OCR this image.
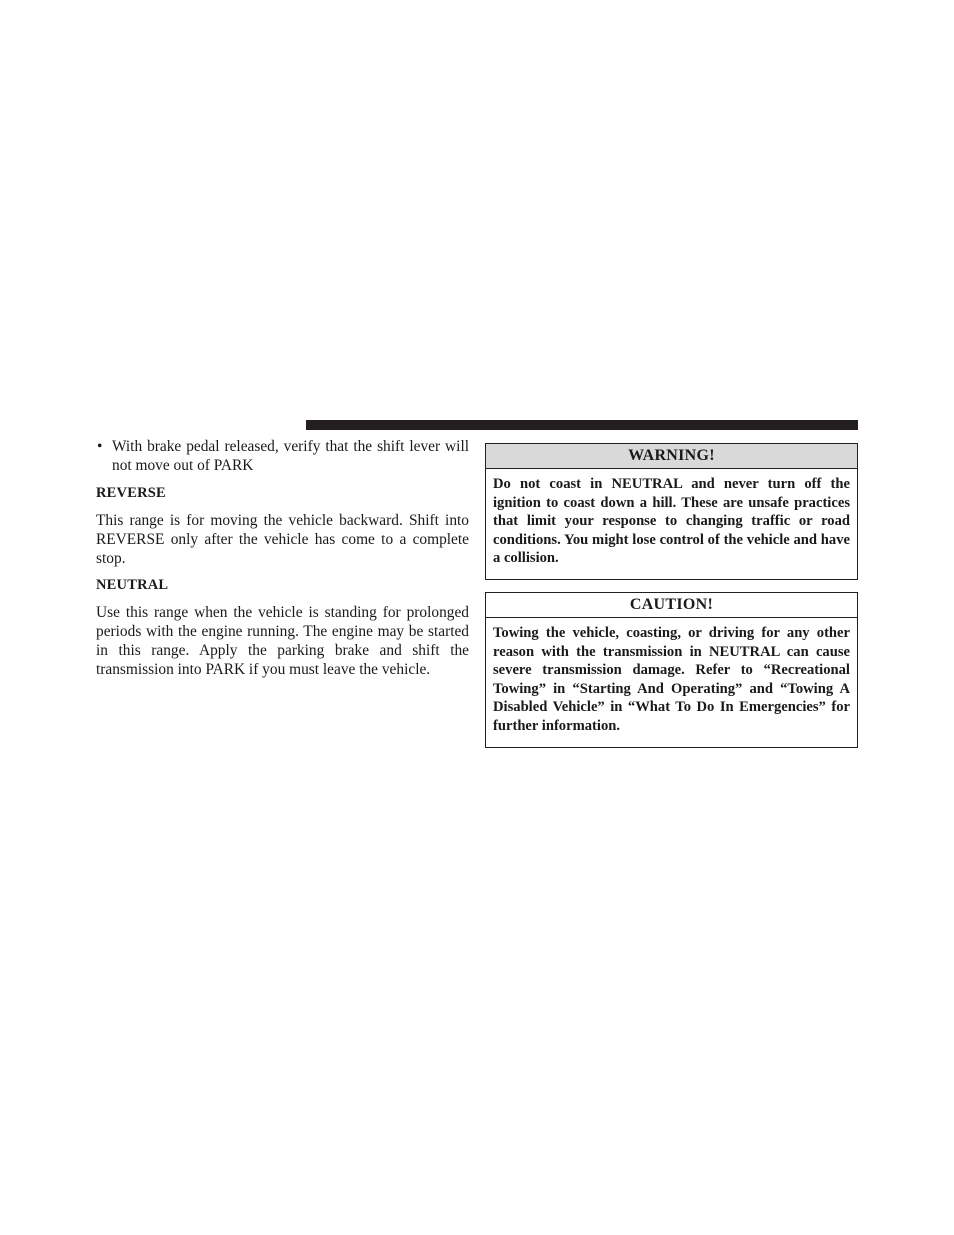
• With brake pedal released, verify that the shift lever will not move out of PARK
REVERSE
This range is for moving the vehicle backward. Shift into REVERSE only after the vehicle has come to a complete stop.
NEUTRAL
Use this range when the vehicle is standing for prolonged periods with the engine running. The engine may be started in this range. Apply the parking brake and shift the transmission into PARK if you must leave the vehicle.
WARNING!
Do not coast in NEUTRAL and never turn off the ignition to coast down a hill. These are unsafe practices that limit your response to changing traffic or road conditions. You might lose control of the vehicle and have a collision.
CAUTION!
Towing the vehicle, coasting, or driving for any other reason with the transmission in NEUTRAL can cause severe transmission damage. Refer to “Recreational Towing” in “Starting And Operating” and “Towing A Disabled Vehicle” in “What To Do In Emergencies” for further information.
